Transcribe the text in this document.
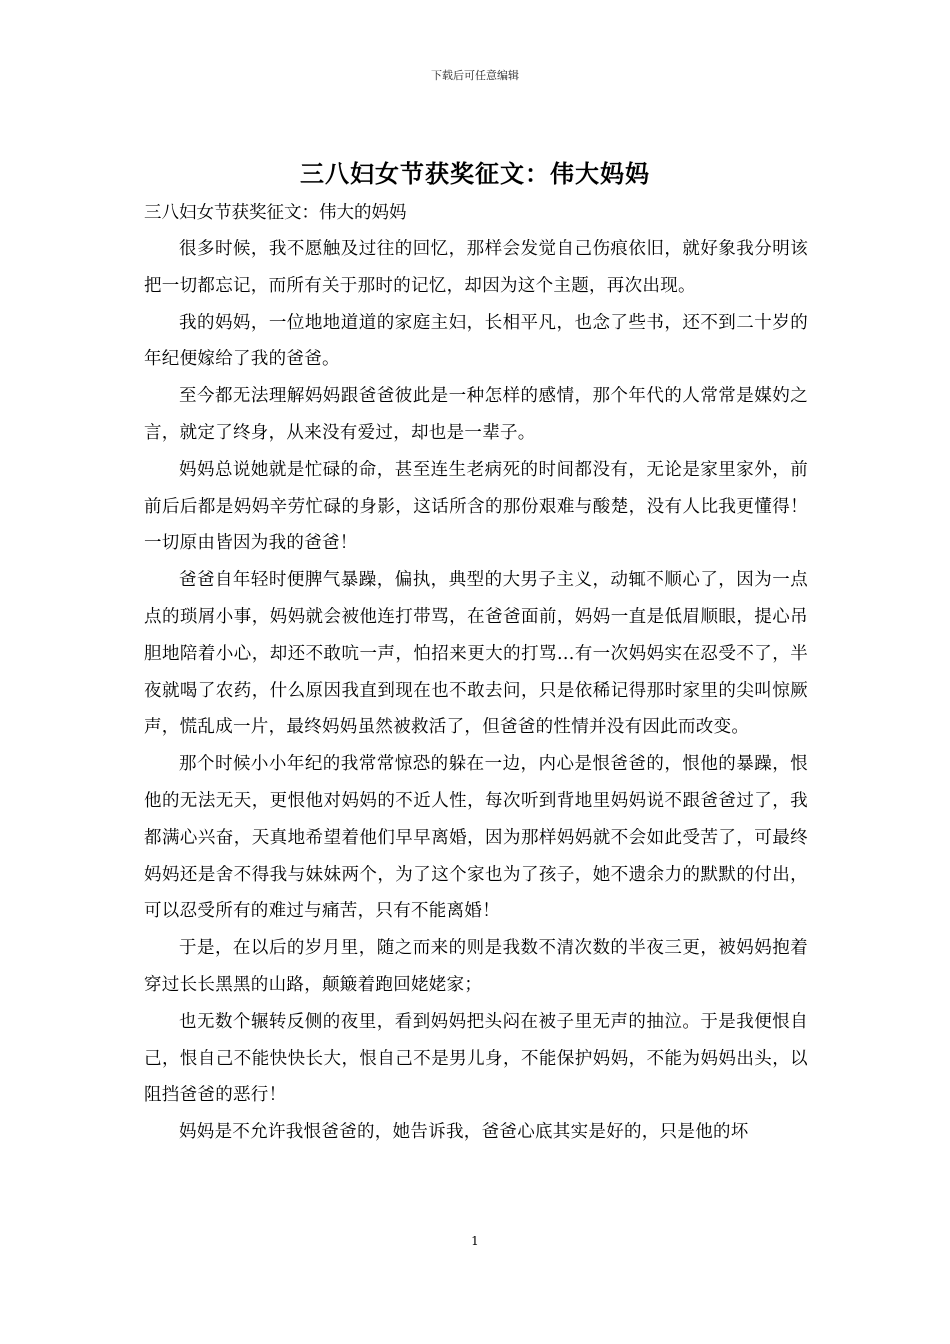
下载后可任意编辑
三八妇女节获奖征文：伟大妈妈

三八妇女节获奖征文：伟大的妈妈

很多时候，我不愿触及过往的回忆，那样会发觉自己伤痕依旧，就好象我分明该把一切都忘记，而所有关于那时的记忆，却因为这个主题，再次出现。

我的妈妈，一位地地道道的家庭主妇，长相平凡，也念了些书，还不到二十岁的年纪便嫁给了我的爸爸。

至今都无法理解妈妈跟爸爸彼此是一种怎样的感情，那个年代的人常常是媒妁之言，就定了终身，从来没有爱过，却也是一辈子。

妈妈总说她就是忙碌的命，甚至连生老病死的时间都没有，无论是家里家外，前前后后都是妈妈辛劳忙碌的身影，这话所含的那份艰难与酸楚，没有人比我更懂得！一切原由皆因为我的爸爸！

爸爸自年轻时便脾气暴躁，偏执，典型的大男子主义，动辄不顺心了，因为一点点的琐屑小事，妈妈就会被他连打带骂，在爸爸面前，妈妈一直是低眉顺眼，提心吊胆地陪着小心，却还不敢吭一声，怕招来更大的打骂...有一次妈妈实在忍受不了，半夜就喝了农药，什么原因我直到现在也不敢去问，只是依稀记得那时家里的尖叫惊厥声，慌乱成一片，最终妈妈虽然被救活了，但爸爸的性情并没有因此而改变。

那个时候小小年纪的我常常惊恐的躲在一边，内心是恨爸爸的，恨他的暴躁，恨他的无法无天，更恨他对妈妈的不近人性，每次听到背地里妈妈说不跟爸爸过了，我都满心兴奋，天真地希望着他们早早离婚，因为那样妈妈就不会如此受苦了，可最终妈妈还是舍不得我与妹妹两个，为了这个家也为了孩子，她不遗余力的默默的付出，可以忍受所有的难过与痛苦，只有不能离婚！

于是，在以后的岁月里，随之而来的则是我数不清次数的半夜三更，被妈妈抱着穿过长长黑黑的山路，颠簸着跑回姥姥家；

也无数个辗转反侧的夜里，看到妈妈把头闷在被子里无声的抽泣。于是我便恨自己，恨自己不能快快长大，恨自己不是男儿身，不能保护妈妈，不能为妈妈出头，以阻挡爸爸的恶行！

妈妈是不允许我恨爸爸的，她告诉我，爸爸心底其实是好的，只是他的坏

1
